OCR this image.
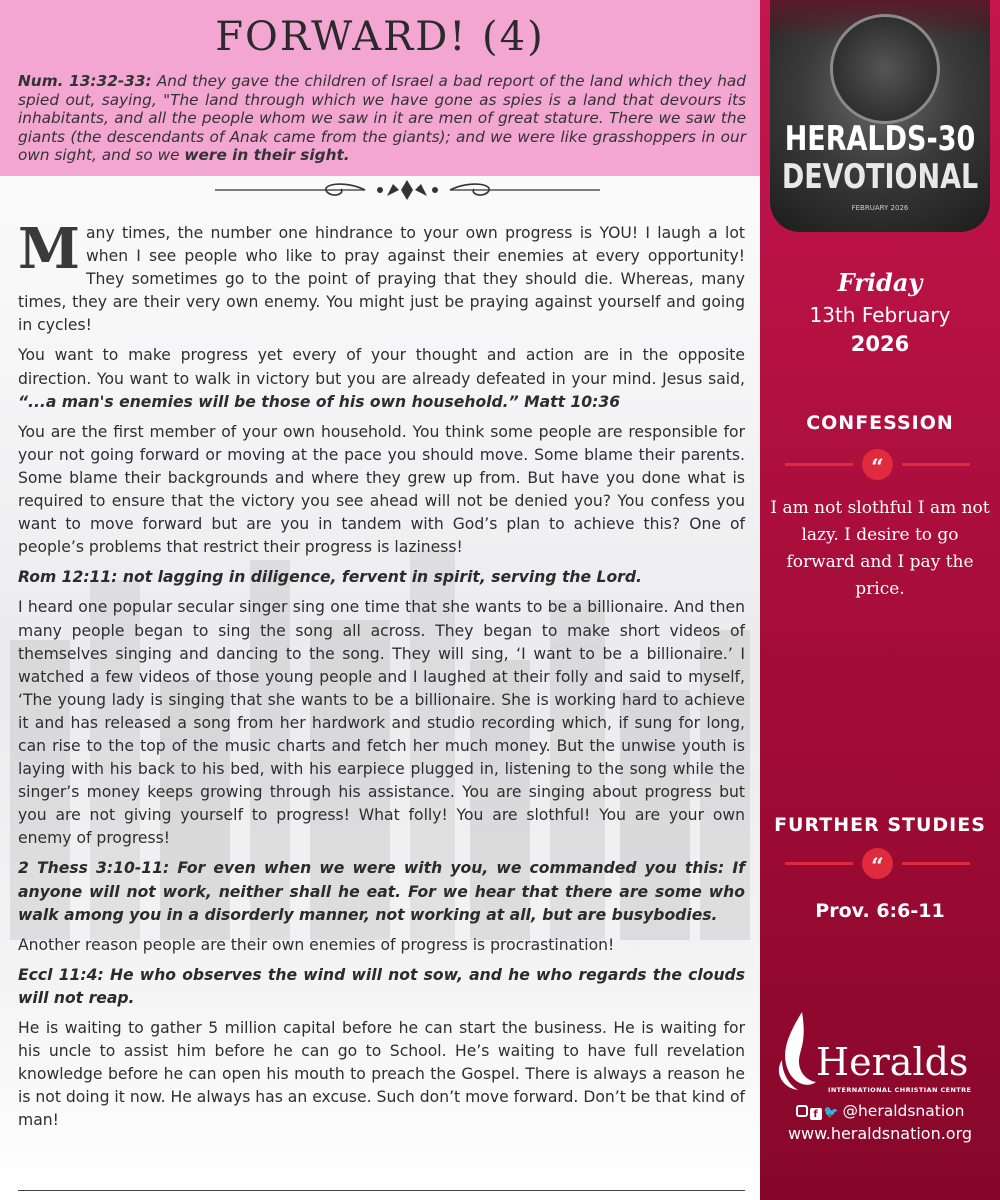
FORWARD! (4)

Num. 13:32-33: And they gave the children of Israel a bad report of the land which they had spied out, saying, "The land through which we have gone as spies is a land that devours its inhabitants, and all the people whom we saw in it are men of great stature. There we saw the giants (the descendants of Anak came from the giants); and we were like grasshoppers in our own sight, and so we were in their sight.

Many times, the number one hindrance to your own progress is YOU! I laugh a lot when I see people who like to pray against their enemies at every opportunity! They sometimes go to the point of praying that they should die. Whereas, many times, they are their very own enemy. You might just be praying against yourself and going in cycles!

You want to make progress yet every of your thought and action are in the opposite direction. You want to walk in victory but you are already defeated in your mind. Jesus said, “...a man's enemies will be those of his own household.” Matt 10:36

You are the first member of your own household. You think some people are responsible for your not going forward or moving at the pace you should move. Some blame their parents. Some blame their backgrounds and where they grew up from. But have you done what is required to ensure that the victory you see ahead will not be denied you? You confess you want to move forward but are you in tandem with God’s plan to achieve this? One of people’s problems that restrict their progress is laziness!

Rom 12:11: not lagging in diligence, fervent in spirit, serving the Lord.

I heard one popular secular singer sing one time that she wants to be a billionaire. And then many people began to sing the song all across. They began to make short videos of themselves singing and dancing to the song. They will sing, ‘I want to be a billionaire.’ I watched a few videos of those young people and I laughed at their folly and said to myself, ‘The young lady is singing that she wants to be a billionaire. She is working hard to achieve it and has released a song from her hardwork and studio recording which, if sung for long, can rise to the top of the music charts and fetch her much money. But the unwise youth is laying with his back to his bed, with his earpiece plugged in, listening to the song while the singer’s money keeps growing through his assistance. You are singing about progress but you are not giving yourself to progress! What folly! You are slothful! You are your own enemy of progress!

2 Thess 3:10-11: For even when we were with you, we commanded you this: If anyone will not work, neither shall he eat. For we hear that there are some who walk among you in a disorderly manner, not working at all, but are busybodies.

Another reason people are their own enemies of progress is procrastination!

Eccl 11:4: He who observes the wind will not sow, and he who regards the clouds will not reap.

He is waiting to gather 5 million capital before he can start the business. He is waiting for his uncle to assist him before he can go to School. He’s waiting to have full revelation knowledge before he can open his mouth to preach the Gospel. There is always a reason he is not doing it now. He always has an excuse. Such don’t move forward. Don’t be that kind of man!

HERALDS-30
DEVOTIONAL
FEBRUARY 2026
Friday
13th February
2026
CONFESSION
“
I am not slothful I am not lazy. I desire to go forward and I pay the price.
FURTHER STUDIES
“
Prov. 6:6-11
Heralds
INTERNATIONAL CHRISTIAN CENTRE
f 🐦 @heraldsnation
www.heraldsnation.org
